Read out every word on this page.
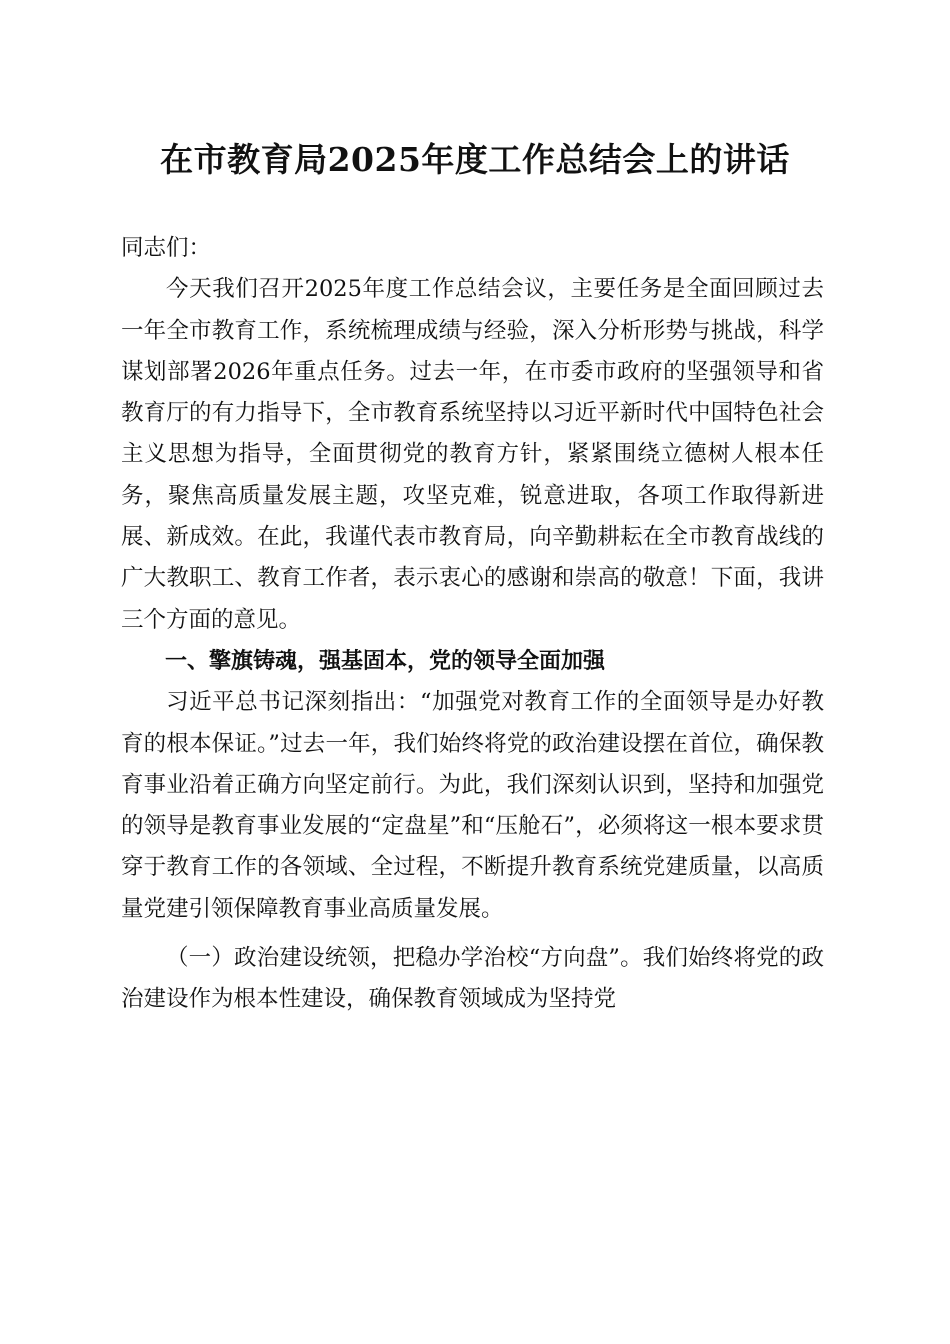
在市教育局2025年度工作总结会上的讲话

同志们：

今天我们召开2025年度工作总结会议，主要任务是全面回顾过去一年全市教育工作，系统梳理成绩与经验，深入分析形势与挑战，科学谋划部署2026年重点任务。过去一年，在市委市政府的坚强领导和省教育厅的有力指导下，全市教育系统坚持以习近平新时代中国特色社会主义思想为指导，全面贯彻党的教育方针，紧紧围绕立德树人根本任务，聚焦高质量发展主题，攻坚克难，锐意进取，各项工作取得新进展、新成效。在此，我谨代表市教育局，向辛勤耕耘在全市教育战线的广大教职工、教育工作者，表示衷心的感谢和崇高的敬意！下面，我讲三个方面的意见。

一、擎旗铸魂，强基固本，党的领导全面加强

习近平总书记深刻指出：“加强党对教育工作的全面领导是办好教育的根本保证。”过去一年，我们始终将党的政治建设摆在首位，确保教育事业沿着正确方向坚定前行。为此，我们深刻认识到，坚持和加强党的领导是教育事业发展的“定盘星”和“压舱石”，必须将这一根本要求贯穿于教育工作的各领域、全过程，不断提升教育系统党建质量，以高质量党建引领保障教育事业高质量发展。

（一）政治建设统领，把稳办学治校“方向盘”。我们始终将党的政治建设作为根本性建设，确保教育领域成为坚持党
